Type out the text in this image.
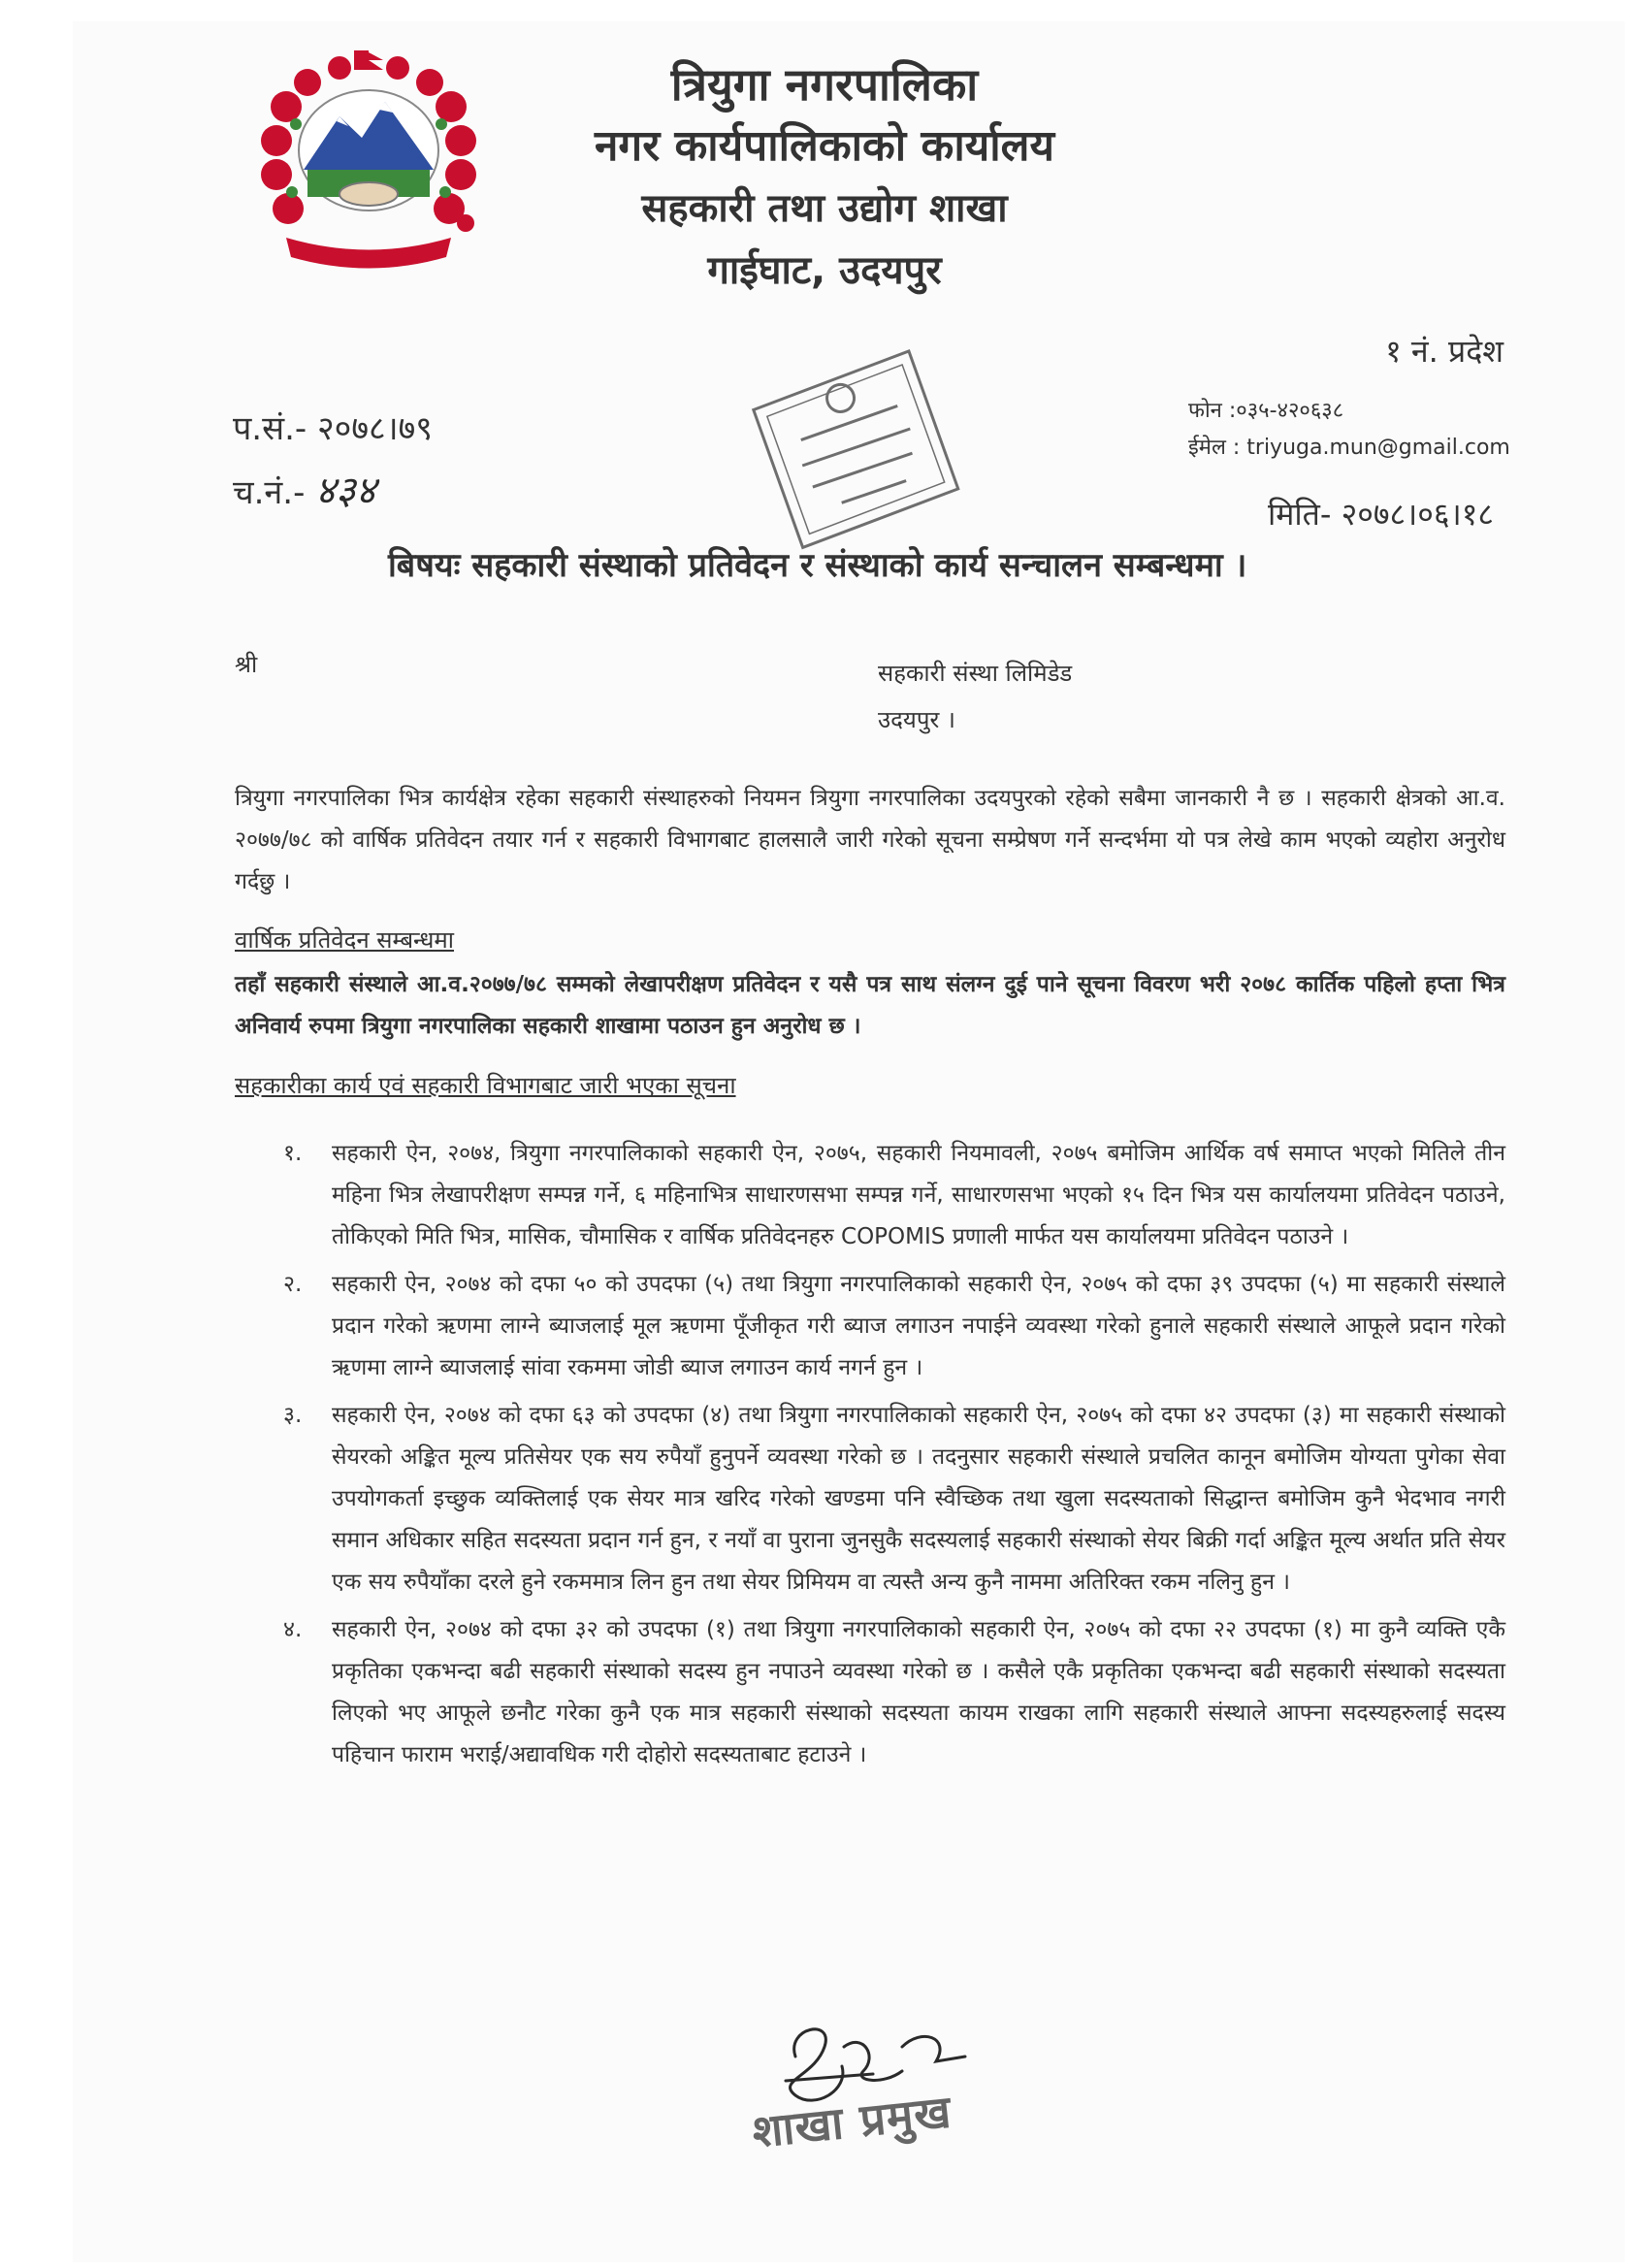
त्रियुगा नगरपालिका
नगर कार्यपालिकाको कार्यालय
सहकारी तथा उद्योग शाखा
गाईघाट, उदयपुर
१ नं. प्रदेश
फोन :०३५-४२०६३८
ईमेल : triyuga.mun@gmail.com
प.सं.- २०७८।७९
च.नं.- ४३४
मिति- २०७८।०६।१८
बिषयः सहकारी संस्थाको प्रतिवेदन र संस्थाको कार्य सन्चालन सम्बन्धमा ।
श्री	सहकारी संस्था लिमिडेड
उदयपुर ।
त्रियुगा नगरपालिका भित्र कार्यक्षेत्र रहेका सहकारी संस्थाहरुको नियमन त्रियुगा नगरपालिका उदयपुरको रहेको सबैमा जानकारी नै छ । सहकारी क्षेत्रको आ.व. २०७७/७८ को वार्षिक प्रतिवेदन तयार गर्न र सहकारी विभागबाट हालसालै जारी गरेको सूचना सम्प्रेषण गर्ने सन्दर्भमा यो पत्र लेखे काम भएको व्यहोरा अनुरोध गर्दछु ।
वार्षिक प्रतिवेदन सम्बन्धमा
तहाँ सहकारी संस्थाले आ.व.२०७७/७८ सम्मको लेखापरीक्षण प्रतिवेदन र यसै पत्र साथ संलग्न दुई पाने सूचना विवरण भरी २०७८ कार्तिक पहिलो हप्ता भित्र अनिवार्य रुपमा त्रियुगा नगरपालिका सहकारी शाखामा पठाउन हुन अनुरोध छ ।
सहकारीका कार्य एवं सहकारी विभागबाट जारी भएका सूचना
१. सहकारी ऐन, २०७४, त्रियुगा नगरपालिकाको सहकारी ऐन, २०७५, सहकारी नियमावली, २०७५ बमोजिम आर्थिक वर्ष समाप्त भएको मितिले तीन महिना भित्र लेखापरीक्षण सम्पन्न गर्ने, ६ महिनाभित्र साधारणसभा सम्पन्न गर्ने, साधारणसभा भएको १५ दिन भित्र यस कार्यालयमा प्रतिवेदन पठाउने, तोकिएको मिति भित्र, मासिक, चौमासिक र वार्षिक प्रतिवेदनहरु COPOMIS प्रणाली मार्फत यस कार्यालयमा प्रतिवेदन पठाउने ।
२. सहकारी ऐन, २०७४ को दफा ५० को उपदफा (५) तथा त्रियुगा नगरपालिकाको सहकारी ऐन, २०७५ को दफा ३९ उपदफा (५) मा सहकारी संस्थाले प्रदान गरेको ऋणमा लाग्ने ब्याजलाई मूल ऋणमा पूँजीकृत गरी ब्याज लगाउन नपाईने व्यवस्था गरेको हुनाले सहकारी संस्थाले आफूले प्रदान गरेको ऋणमा लाग्ने ब्याजलाई सांवा रकममा जोडी ब्याज लगाउन कार्य नगर्न हुन ।
३. सहकारी ऐन, २०७४ को दफा ६३ को उपदफा (४) तथा त्रियुगा नगरपालिकाको सहकारी ऐन, २०७५ को दफा ४२ उपदफा (३) मा सहकारी संस्थाको सेयरको अङ्कित मूल्य प्रतिसेयर एक सय रुपैयाँ हुनुपर्ने व्यवस्था गरेको छ । तदनुसार सहकारी संस्थाले प्रचलित कानून बमोजिम योग्यता पुगेका सेवा उपयोगकर्ता इच्छुक व्यक्तिलाई एक सेयर मात्र खरिद गरेको खण्डमा पनि स्वैच्छिक तथा खुला सदस्यताको सिद्धान्त बमोजिम कुनै भेदभाव नगरी समान अधिकार सहित सदस्यता प्रदान गर्न हुन, र नयाँ वा पुराना जुनसुकै सदस्यलाई सहकारी संस्थाको सेयर बिक्री गर्दा अङ्कित मूल्य अर्थात प्रति सेयर एक सय रुपैयाँका दरले हुने रकममात्र लिन हुन तथा सेयर प्रिमियम वा त्यस्तै अन्य कुनै नाममा अतिरिक्त रकम नलिनु हुन ।
४. सहकारी ऐन, २०७४ को दफा ३२ को उपदफा (१) तथा त्रियुगा नगरपालिकाको सहकारी ऐन, २०७५ को दफा २२ उपदफा (१) मा कुनै व्यक्ति एकै प्रकृतिका एकभन्दा बढी सहकारी संस्थाको सदस्य हुन नपाउने व्यवस्था गरेको छ । कसैले एकै प्रकृतिका एकभन्दा बढी सहकारी संस्थाको सदस्यता लिएको भए आफूले छनौट गरेका कुनै एक मात्र सहकारी संस्थाको सदस्यता कायम राखका लागि सहकारी संस्थाले आफ्ना सदस्यहरुलाई सदस्य पहिचान फाराम भराई/अद्यावधिक गरी दोहोरो सदस्यताबाट हटाउने ।
शाखा प्रमुख
